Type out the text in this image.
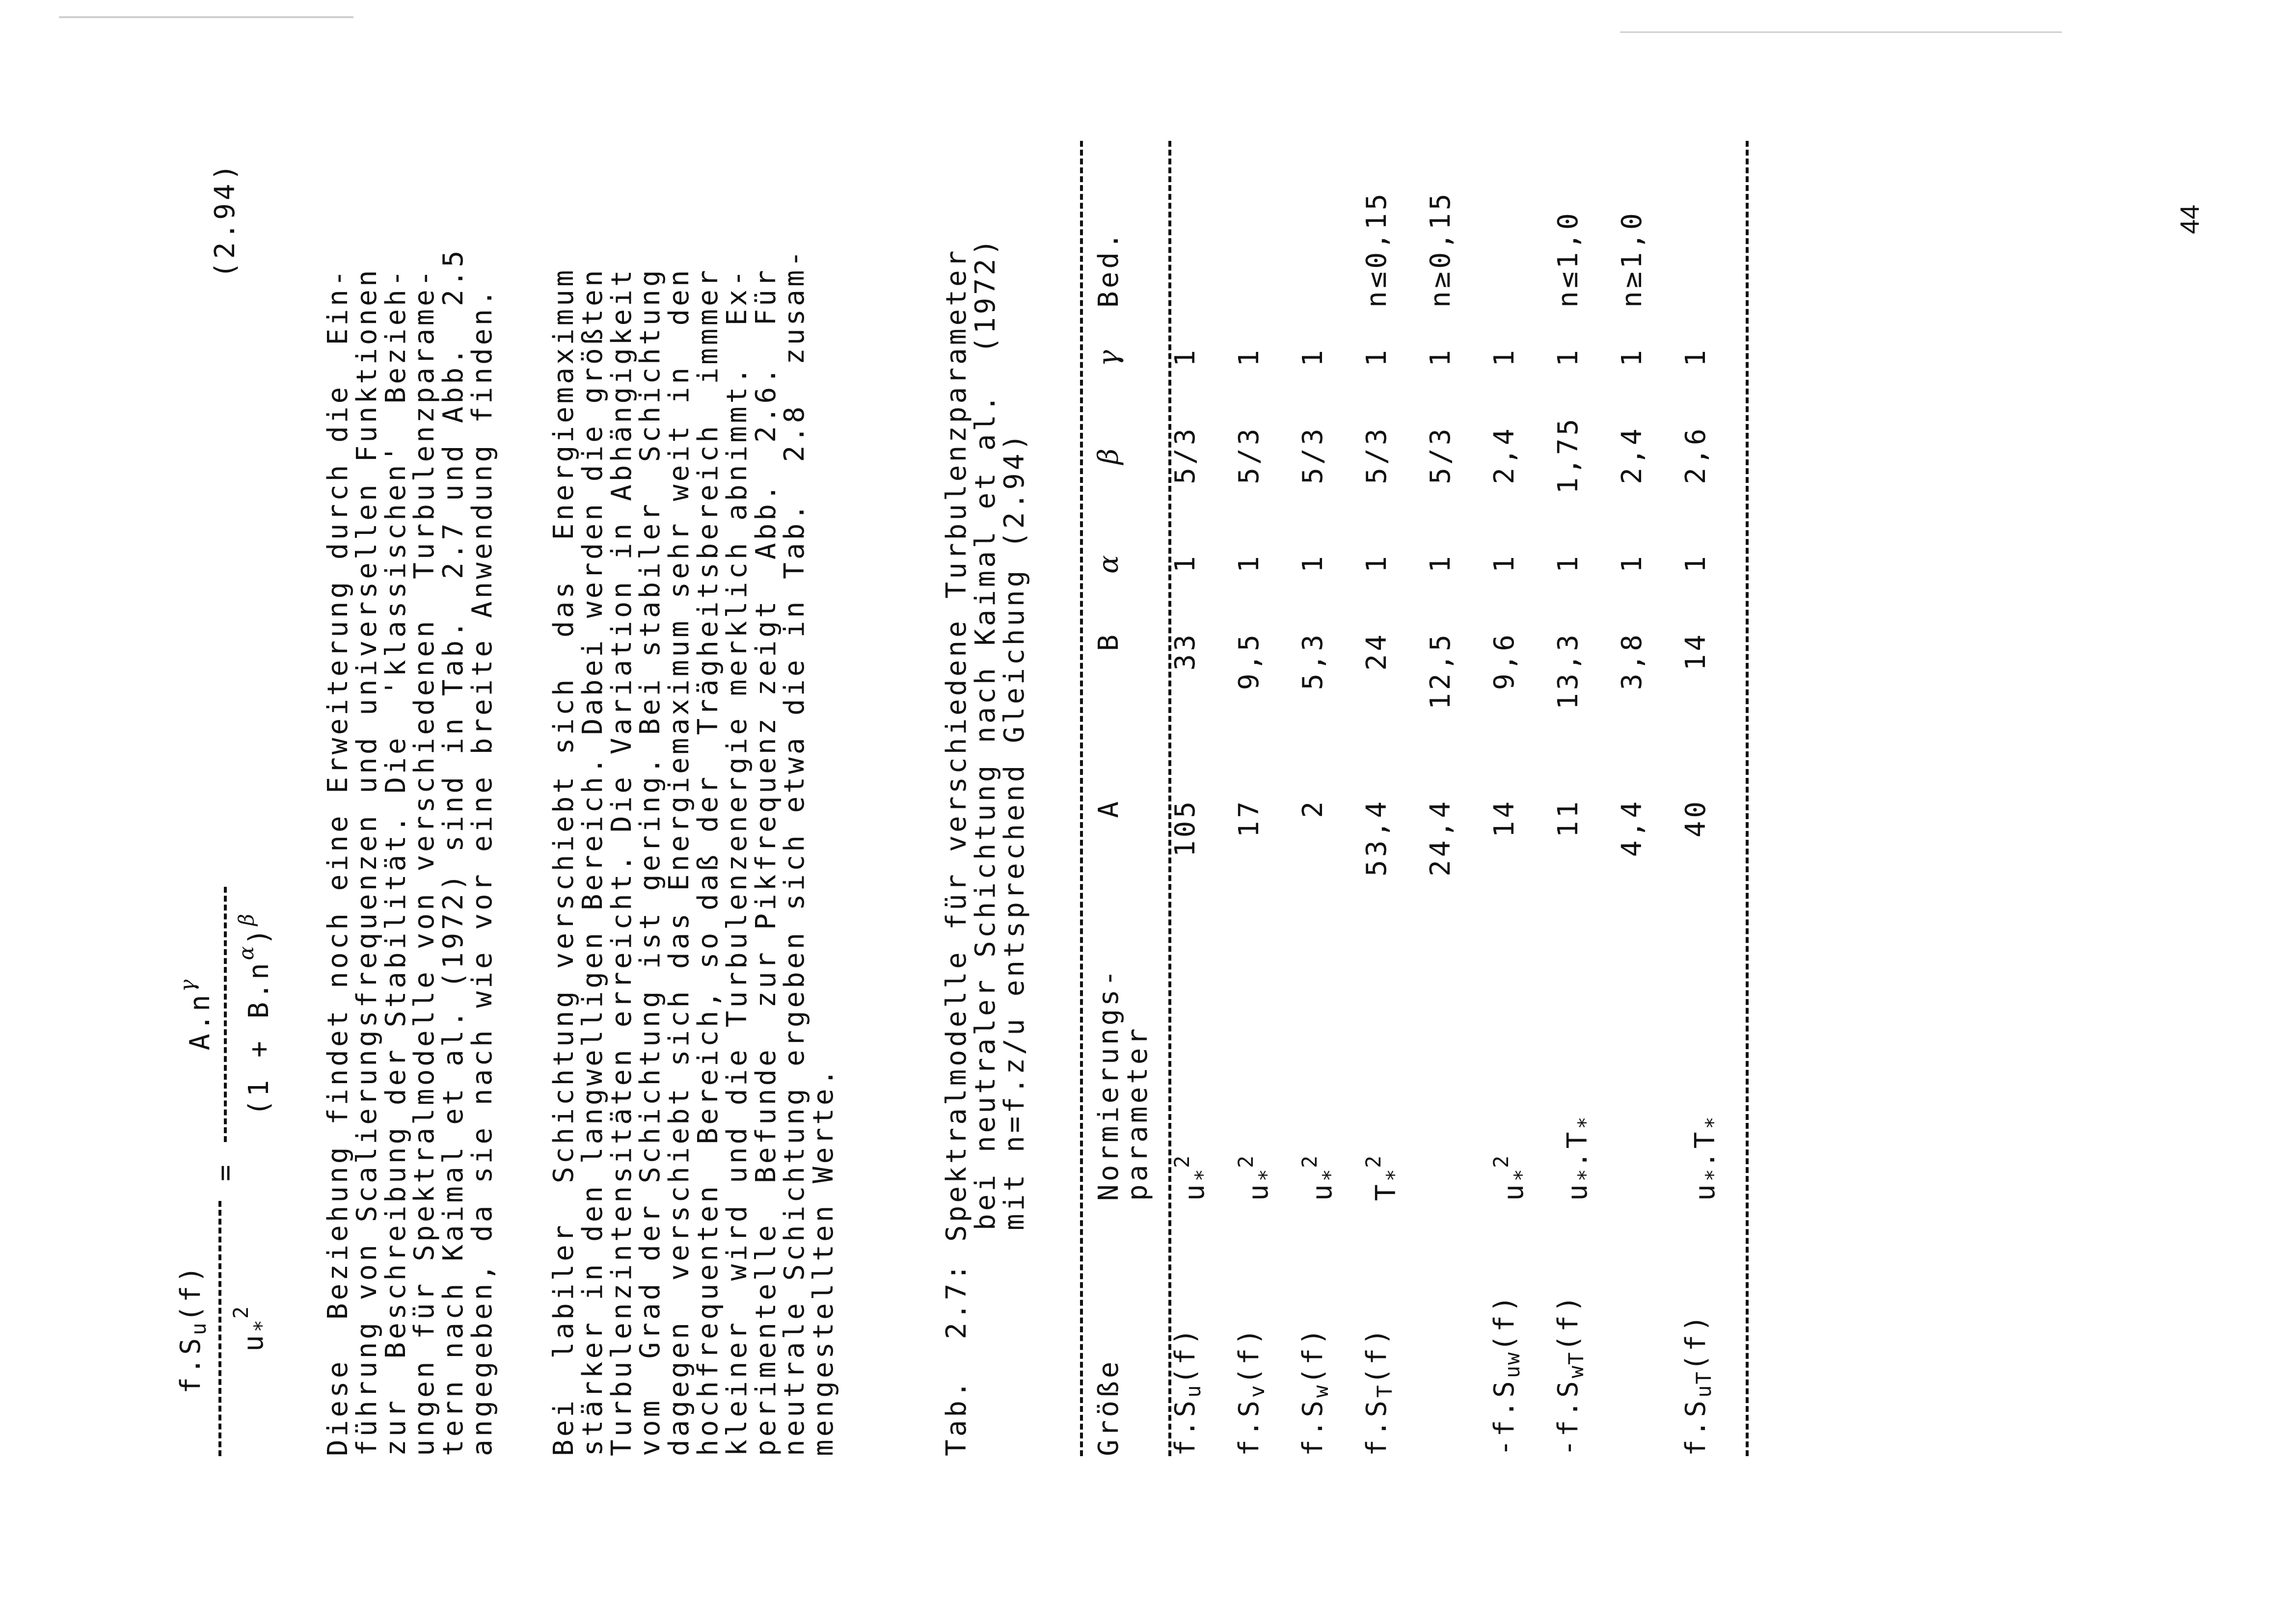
$f.S_u(f)$
$u_*^2$
=
$A.n^\gamma$ $(1 + B.n^\alpha)^\beta$
(2.94)
Diese  Beziehung findet noch eine Erweiterung durch die  Ein-
führung von Scalierungsfrequenzen und universellen Funktionen
zur  Beschreibung der Stabilität. Die  'klassischen'  Bezieh-
ungen für Spektralmodelle von verschiedenen  Turbulenzparame-
tern nach Kaimal et al. (1972) sind in Tab.  2.7 und Abb.  2.5
angegeben, da sie nach wie vor eine breite Anwendung finden. Bei  labiler  Schichtung verschiebt sich  das  Energiemaximum
stärker in den langwelligen Bereich. Dabei werden die größten
Turbulenzintensitäten erreicht. Die Variation in Abhängigkeit
vom  Grad der Schichtung ist gering. Bei stabiler  Schichtung
dagegen  verschiebt sich das Energiemaximum sehr weit in  den
hochfrequenten  Bereich, so daß der  Trägheitsbereich  immmer
kleiner  wird und die Turbulenzenergie merklich abnimmt.  Ex-
perimentelle  Befunde  zur Pikfrequenz zeigt  Abb.  2.6.  Für
neutrale Schichtung ergeben sich etwa die in Tab.  2.8  zusam-
mengestellten Werte.	Tab.  2.7: Spektralmodelle für verschiedene Turbulenzparameter
bei neutraler Schichtung nach Kaimal et al.  (1972)
mit n=f.z/u entsprechend Gleichung (2.94)
Größe
Normierungs-
parameter
A
B
α
β
γ
Bed.
$f.S_u(f)$
$u_*^2$
105
33
1
5/3
1
$f.S_v(f)$
$u_*^2$
17
9,5
1
5/3
1
$f.S_w(f)$
$u_*^2$
2
5,3
1
5/3
1
$f.S_T(f)$
$T_*^2$
53,4
24
1
5/3
1
n≤0,15
24,4
12,5
1
5/3
1
n≥0,15
$-f.S_{uw}(f)$
$u_*^2$
14
9,6
1
2,4
1
$-f.S_{wT}(f)$
$u_*.T_*$
11
13,3
1
1,75
1
n≤1,0
4,4
3,8
1
2,4
1
n≥1,0
$f.S_{uT}(f)$
$u_*.T_*$
40
14
1
2,6
1
44
